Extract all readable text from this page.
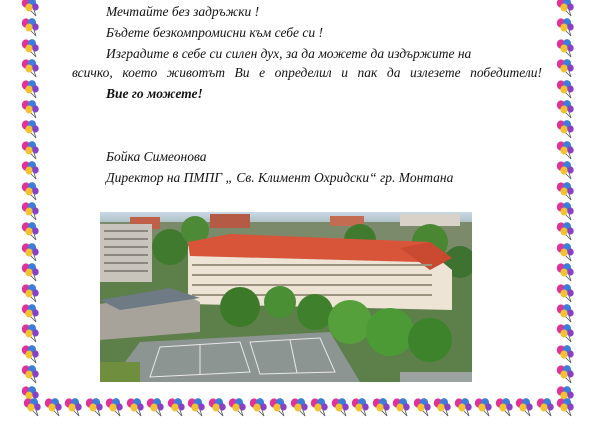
Мечтайте без задръжки !
Бъдете безкомпромисни към себе си !
Изградите в себе си силен дух, за да можете да издържите на
всичко, което животът Ви е определил и пак да излезете победители!
Вие го можете!
Бойка Симеонова
Директор на ПМПГ „ Св. Климент Охридски“ гр. Монтана
